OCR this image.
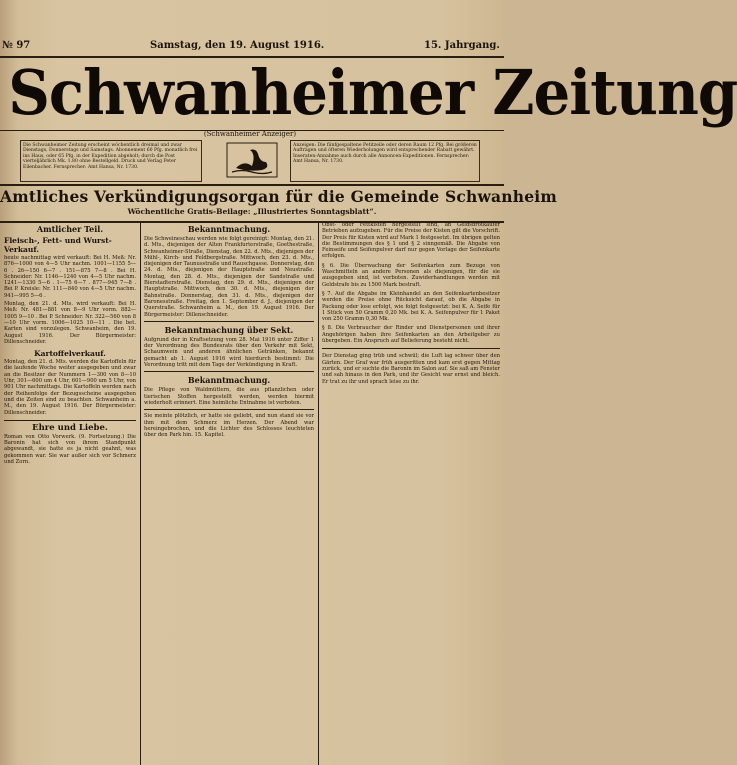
№ 97	Samstag, den 19. August 1916.	15. Jahrgang.
Schwanheimer Zeitung
(Schwanheimer Anzeiger)
Die Schwanheimer Zeitung erscheint wöchentlich dreimal und zwar Dienstags, Donnerstags und Samstags. Abonnement 60 Pfg. monatlich frei ins Haus, oder 65 Pfg. in der Expedition abgeholt; durch die Post vierteljährlich Mk. 1.80 ohne Bestellgeld. Druck und Verlag Peter Eilenbacher. Fernsprecher: Amt Hansa, Nr. 1730.
Anzeigen: Die fünfgespaltene Petitzeile oder deren Raum 12 Pfg. Bei größeren Aufträgen und öfteren Wiederholungen wird entsprechender Rabatt gewährt. Inseraten-Annahme auch durch alle Annoncen-Expeditionen. Fernsprecher: Amt Hansa, Nr. 1730.
Amtliches Verkündigungsorgan für die Gemeinde Schwanheim
Wöchentliche Gratis-Beilage: „Illustriertes Sonntagsblatt“.
Amtlicher Teil.
Fleisch-, Fett- und Wurst-Verkauf.
heute nachmittag wird verkauft: Bei H. Meß: Nr. 876—1000 von 4—5 Uhr nachm. 1001—1155 5—6 . 26—150 6—7 . 151—875 7—8 . Bei H. Schneider: Nr. 1146—1240 von 4—5 Uhr nachm. 1241—1330 5—6 . 1—75 6—7 . 877—945 7—8 . Bei P. Kreisle: Nr. 111—840 von 4—5 Uhr nachm. 941—995 5—6 .
Montag, den 21. d. Mts. wird verkauft: Bei H. Meß: Nr. 481—881 von 8—9 Uhr vorm. 882—1005 9—10 . Bei P. Schneider: Nr. 322—560 von 8—10 Uhr vorm. 1006—1025 10—11 . Die bet. Karten sind vorzulegen. Schwanheim, den 19. August 1916. Der Bürgermeister: Dillenschneider.
Kartoffelverkauf.
Montag, den 21. d. Mts. werden die Kartoffeln für die laufende Woche weiter ausgegeben und zwar an die Besitzer der Nummern 1—300 von 8—10 Uhr, 301—600 um 4 Uhr, 601—900 um 5 Uhr, von 901 Uhr nachmittags. Die Kartoffeln werden nach der Reihenfolge der Bezugsscheine ausgegeben und die Zeiten sind zu beachten. Schwanheim a. M., den 19. August 1916. Der Bürgermeister: Dillenschneider.
Ehre und Liebe.
Roman von Otto Vorwerk. (9. Fortsetzung.) Die Baronin hat sich von ihrem Standpunkt abgewandt, sie hatte es ja nicht geahnt, was gekommen war. Sie war außer sich vor Schmerz und Zorn.
Bekanntmachung.
Die Schweineschau werden wie folgt gereinigt: Montag, den 21. d. Mts., diejenigen der Alten Frankfurterstraße, Goethestraße, Schwanheimer-Straße, Dienstag, den 22. d. Mts., diejenigen der Mühl-, Kirch- und Feldbergstraße. Mittwoch, den 23. d. Mts., diejenigen der Taunusstraße und Rauschgasse. Donnerstag, den 24. d. Mts., diejenigen der Hauptstraße und Neustraße. Montag, den 28. d. Mts., diejenigen der Sandstraße und Bierstadterstraße. Dienstag, den 29. d. Mts., diejenigen der Hauptstraße. Mittwoch, den 30. d. Mts., diejenigen der Bahnstraße. Donnerstag, den 31. d. Mts., diejenigen der Baronesstraße. Freitag, den 1. September d. J., diejenigen der Querstraße. Schwanheim a. M., den 19. August 1916. Der Bürgermeister: Dillenschneider.
Bekanntmachung über Sekt.
Aufgrund der in Kraftsetzung vom 28. Mai 1916 unter Ziffer 1 der Verordnung des Bundesrats über den Verkehr mit Sekt, Schaumwein und anderen ähnlichen Getränken, bekannt gemacht ab 1. August 1916 wird hierdurch bestimmt: Die Verordnung tritt mit dem Tage der Verkündigung in Kraft.
Bekanntmachung.
Die Pflege von Waldmüttern, die aus pflanzlichen oder tierischen Stoffen hergestellt werden, werden hiermit wiederholt erinnert. Eine heimliche Entnahme ist verboten.
Sie meinte plötzlich, er hatte sie geliebt, und nun stand sie vor ihm mit dem Schmerz im Herzen. Der Abend war hereingebrochen, und die Lichter des Schlosses leuchteten über den Park hin. 15. Kapitel.
Obst- oder Fettkisten hergestellt sind, an Geldsbrotkaufer Betrieben aufzugeben. Für die Preise der Kisten gilt die Vorschrift. Der Preis für Kisten wird auf Mark 1 festgesetzt. Im übrigen gelten die Bestimmungen des § 1 und § 2 sinngemäß. Die Abgabe von Feinseife und Seifenpulver darf nur gegen Vorlage der Seifenkarte erfolgen.
§ 6. Die Überwachung der Seifenkarten zum Bezuge von Waschmitteln an andere Personen als diejenigen, für die sie ausgegeben sind, ist verboten. Zuwiderhandlungen werden mit Geldstrafe bis zu 1500 Mark bestraft.
§ 7. Auf die Abgabe im Kleinhandel an den Seifenkartenbesitzer werden die Preise ohne Rücksicht darauf, ob die Abgabe in Packung oder lose erfolgt, wie folgt festgesetzt: bei K. A. Seife für 1 Stück von 50 Gramm 0,20 Mk. bei K. A. Seifenpulver für 1 Paket von 250 Gramm 0,30 Mk.
§ 8. Die Verbraucher der Rinder und Dienstpersonen und ihrer Angehörigen haben ihre Seifenkarten an den Arbeitgeber zu übergeben. Ein Anspruch auf Belieferung besteht nicht.
Der Dienstag ging trüb und schwül; die Luft lag schwer über den Gärten. Der Graf war früh ausgeritten und kam erst gegen Mittag zurück, und er suchte die Baronin im Salon auf. Sie saß am Fenster und sah hinaus in den Park, und ihr Gesicht war ernst und bleich. Er trat zu ihr und sprach leise zu ihr.
